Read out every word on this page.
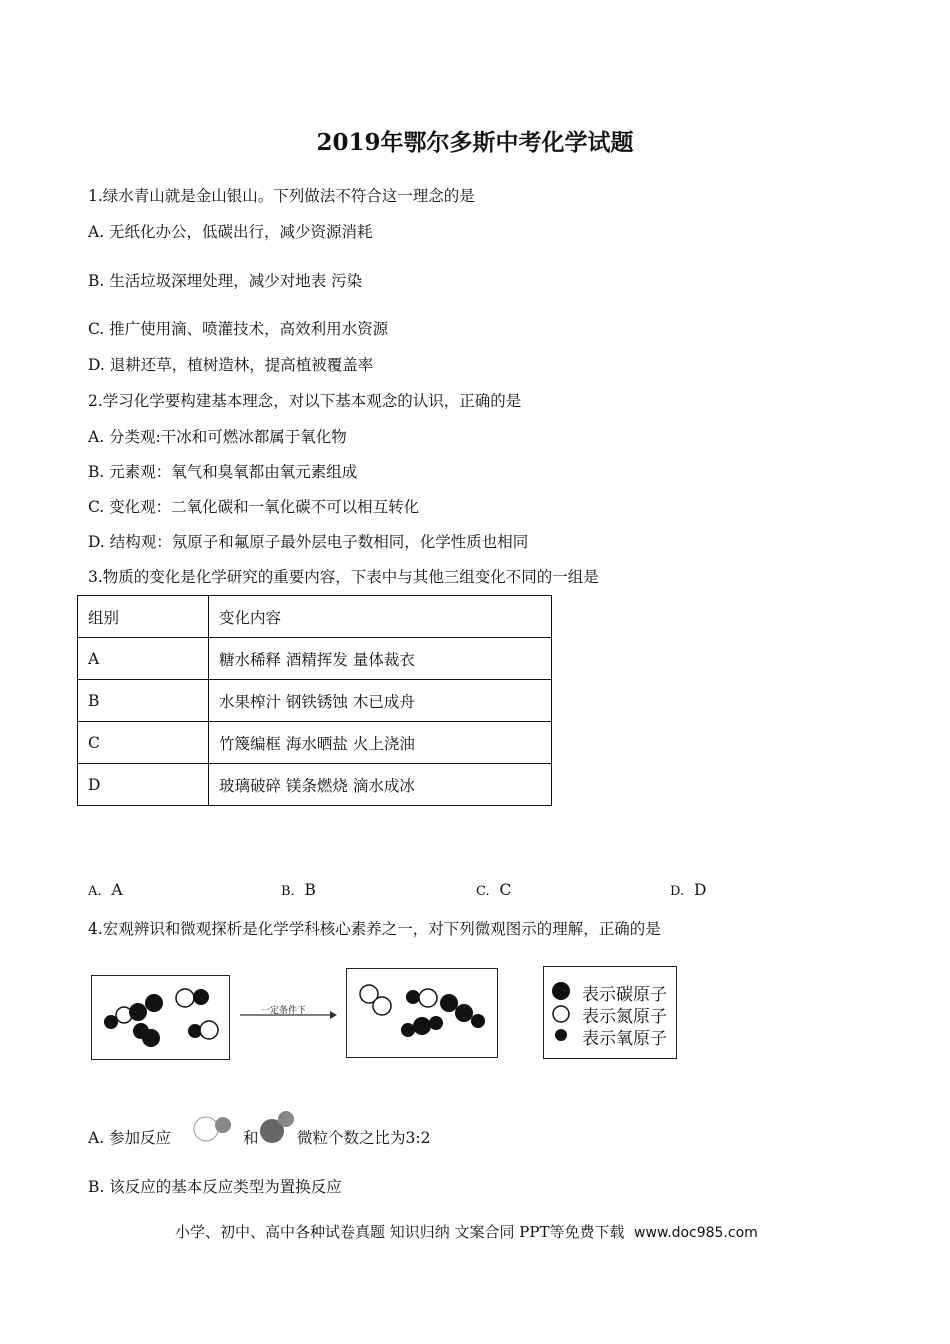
2019年鄂尔多斯中考化学试题
1.绿水青山就是金山银山。下列做法不符合这一理念的是
A. 无纸化办公，低碳出行，减少资源消耗
B. 生活垃圾深埋处理，减少对地表 污染
C. 推广使用滴、喷灌技术，高效利用水资源
D. 退耕还草，植树造林，提高植被覆盖率
2.学习化学要构建基本理念，对以下基本观念的认识，正确的是
A. 分类观:干冰和可燃冰都属于氧化物
B. 元素观：氧气和臭氧都由氧元素组成
C. 变化观：二氧化碳和一氧化碳不可以相互转化
D. 结构观：氖原子和氟原子最外层电子数相同，化学性质也相同
3.物质的变化是化学研究的重要内容，下表中与其他三组变化不同的一组是
组别	变化内容
A	糖水稀释 酒精挥发 量体裁衣
B	水果榨汁 钢铁锈蚀 木已成舟
C	竹篾编框 海水晒盐 火上浇油
D	玻璃破碎 镁条燃烧 滴水成冰
A. A	B. B	C. C	D. D
4.宏观辨识和微观探析是化学学科核心素养之一，对下列微观图示的理解，正确的是
一定条件下
表示碳原子
表示氮原子
表示氧原子
A. 参加反应	和 微粒个数之比为3:2
B. 该反应的基本反应类型为置换反应
小学、初中、高中各种试卷真题 知识归纳 文案合同 PPT等免费下载 www.doc985.com
